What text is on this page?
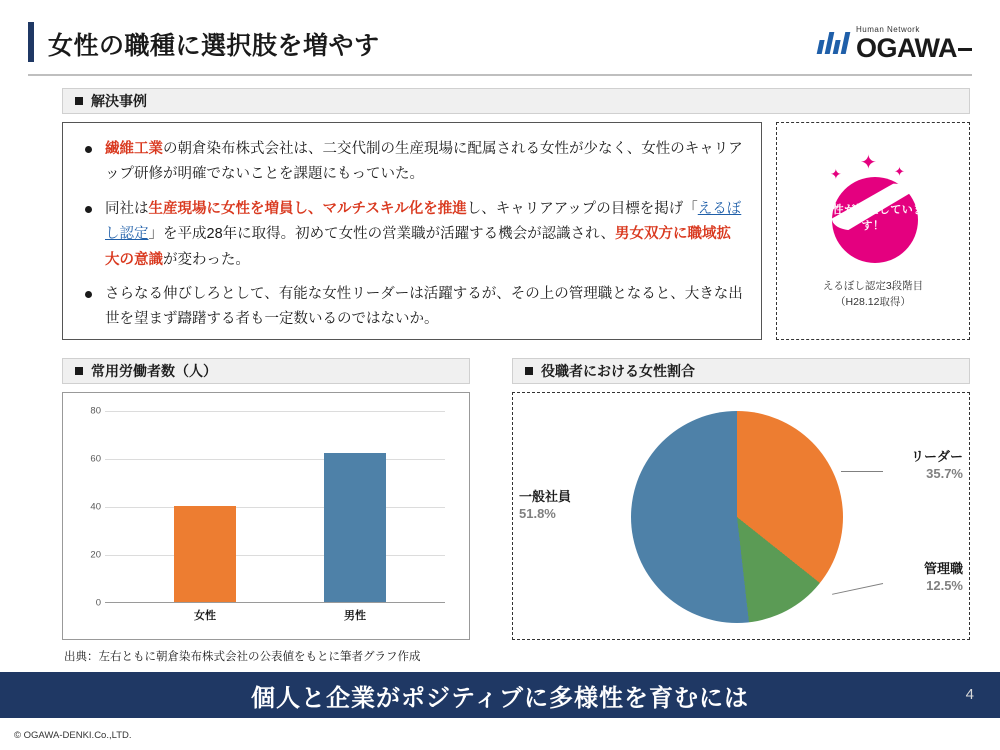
女性の職種に選択肢を増やす
Human Network
OGAWA
解決事例
繊維工業の朝倉染布株式会社は、二交代制の生産現場に配属される女性が少なく、女性のキャリアップ研修が明確でないことを課題にもっていた。
同社は生産現場に女性を増員し、マルチスキル化を推進し、キャリアアップの目標を掲げ「えるぼし認定」を平成28年に取得。初めて女性の営業職が活躍する機会が認識され、男女双方に職域拡大の意識が変わった。
さらなる伸びしろとして、有能な女性リーダーは活躍するが、その上の管理職となると、大きな出世を望まず躊躇する者も一定数いるのではないか。
✦ ✦ ✦
女性が活躍しています！
えるぼし認定3段階目
（H28.12取得）
常用労働者数（人）	役職者における女性割合
0
20
40
60
80
女性	男性
リーダー
35.7%
管理職
12.5%
一般社員
51.8%
出典：左右ともに朝倉染布株式会社の公表値をもとに筆者グラフ作成
個人と企業がポジティブに多様性を育むには	4
© OGAWA-DENKI.Co.,LTD.
